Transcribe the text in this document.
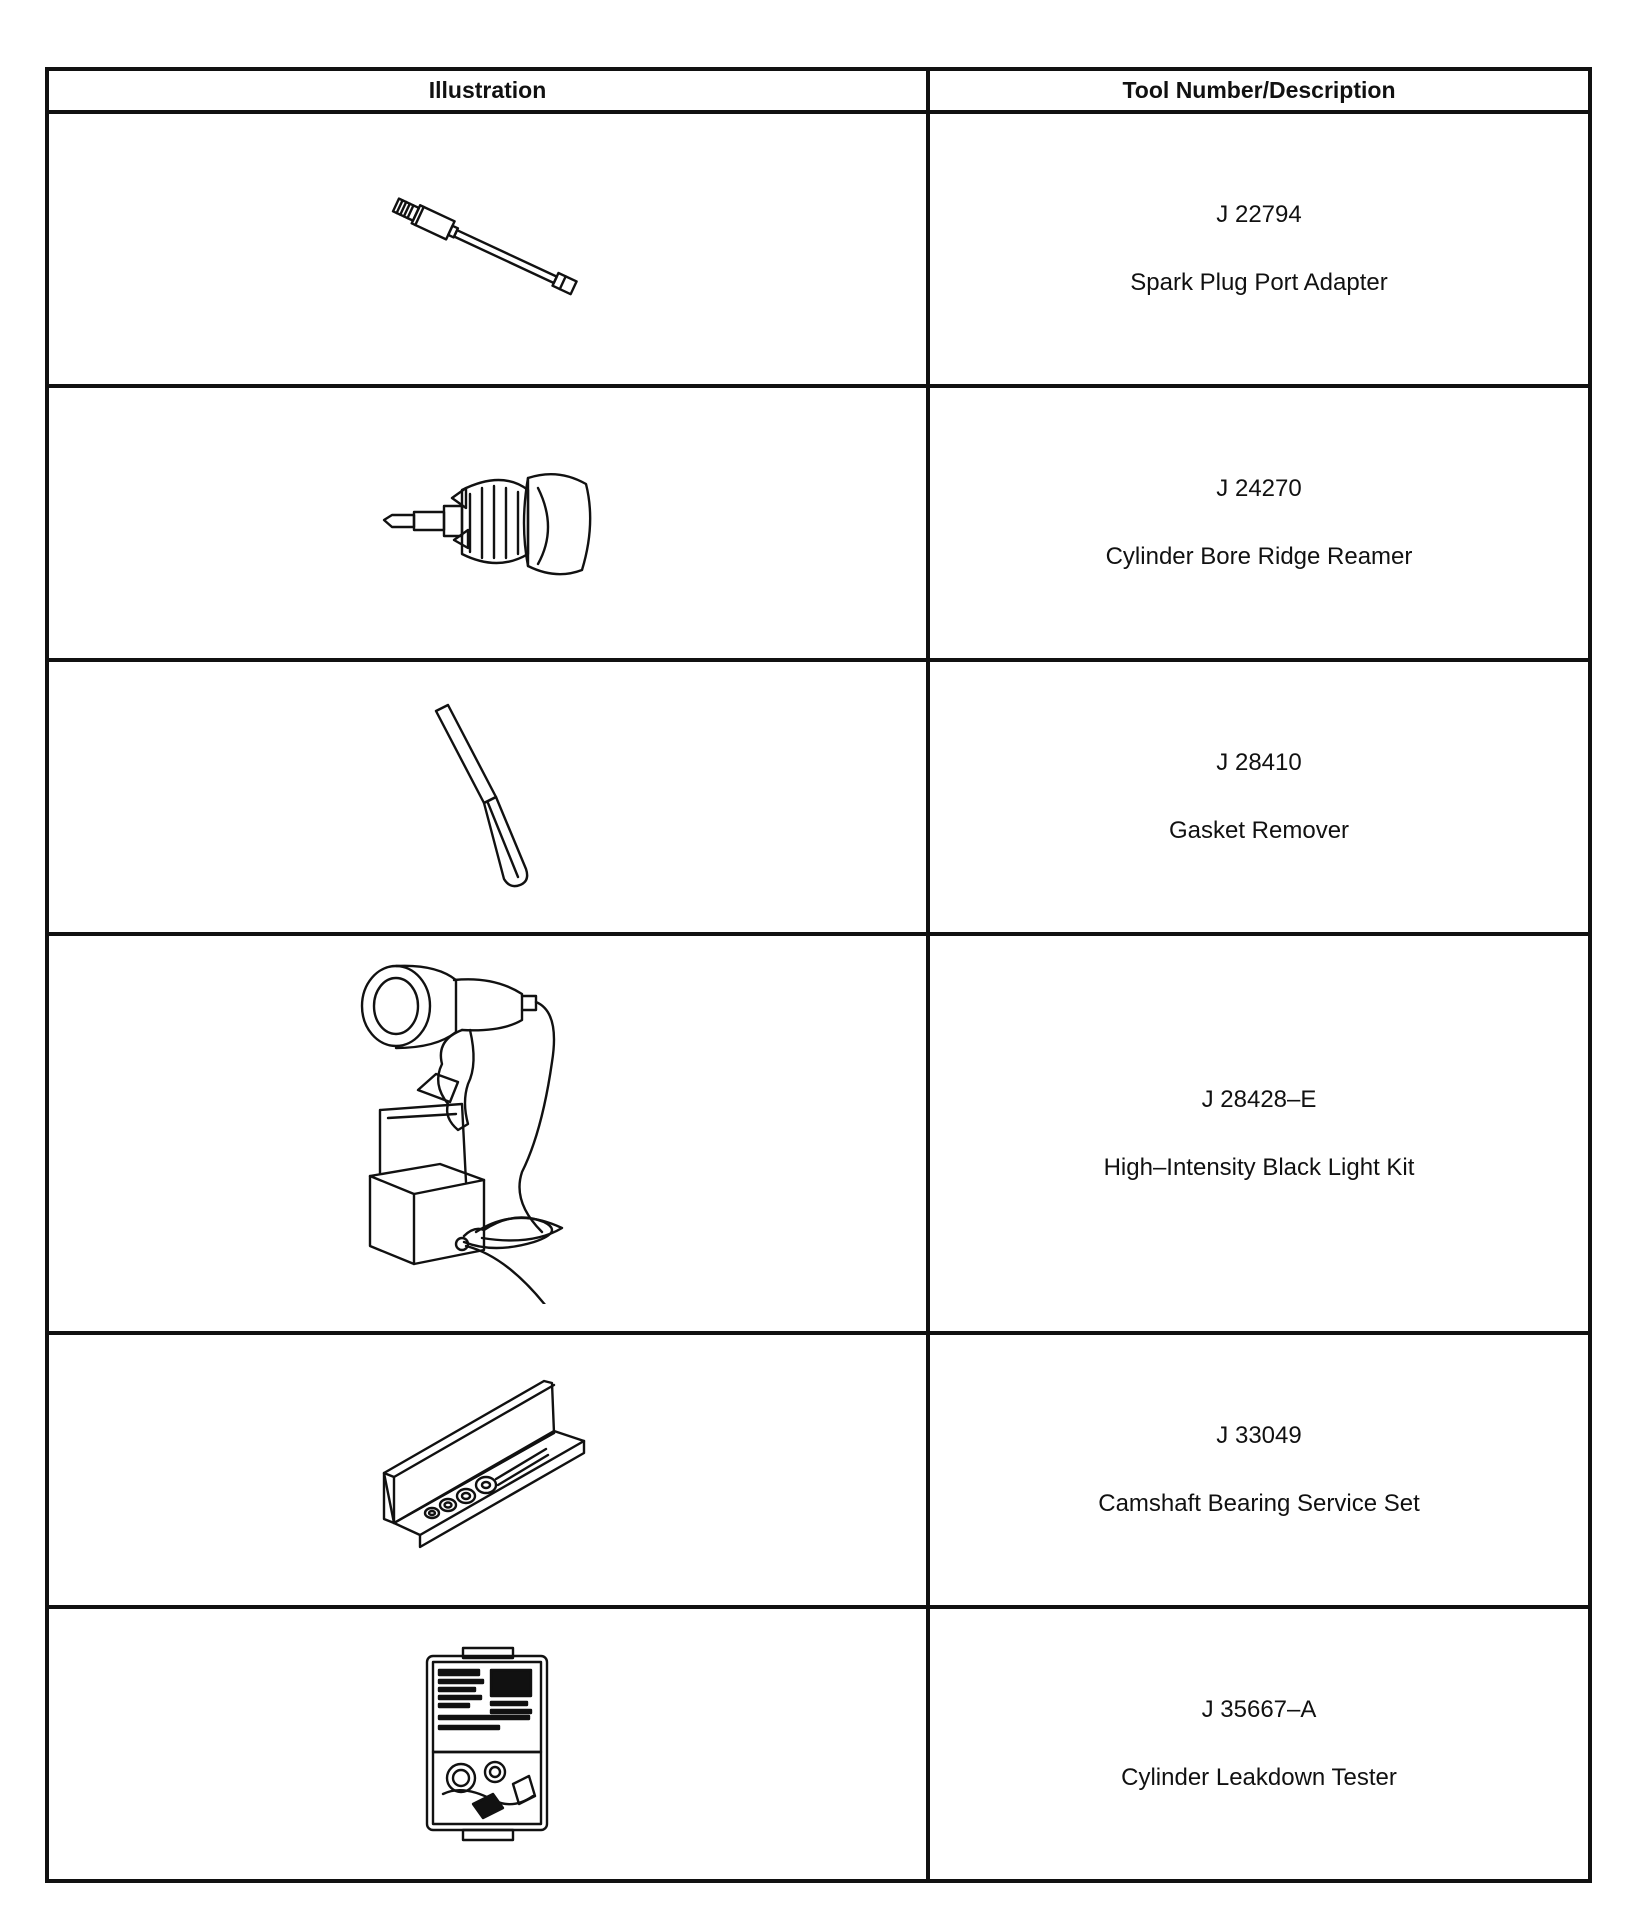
Illustration	Tool Number/Description

J 22794
Spark Plug Port Adapter

J 24270
Cylinder Bore Ridge Reamer

J 28410
Gasket Remover

J 28428–E
High–Intensity Black Light Kit

J 33049
Camshaft Bearing Service Set

J 35667–A
Cylinder Leakdown Tester
